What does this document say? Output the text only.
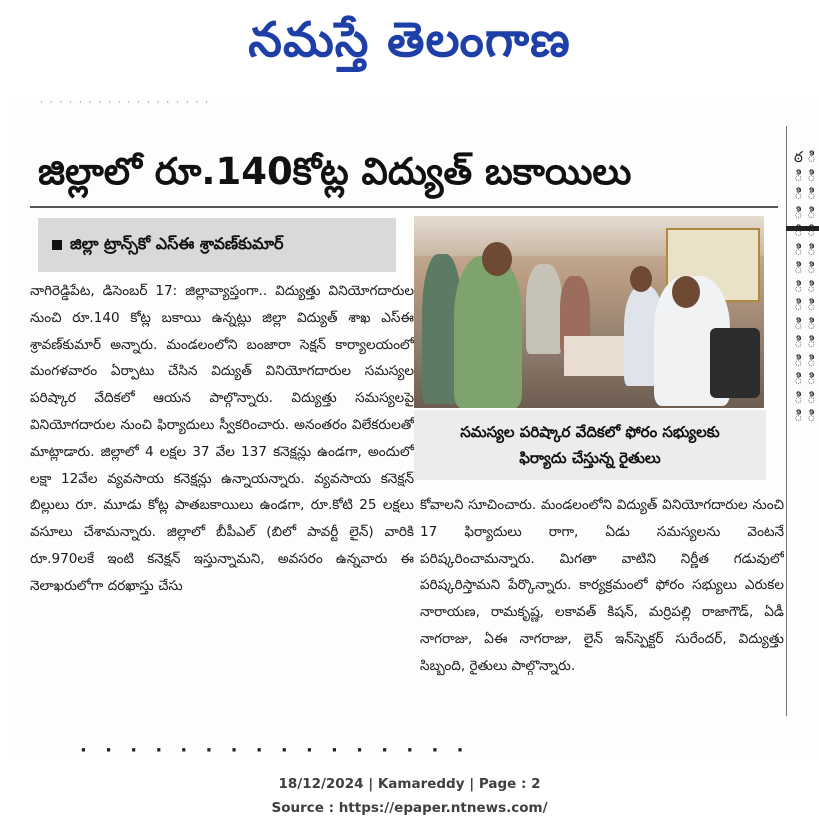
నమస్తే తెలంగాణ
· · · · · · · · · · · · · · · · · ·
జిల్లాలో రూ.140కోట్ల విద్యుత్ బకాయిలు	ఠ ి ి ి ి ి ి ి ి ి ి ి ి ి ి ి ి ి ి ి ి ి ి ి ి ి ి ి ి ి
జిల్లా ట్రాన్స్‌కో ఎస్ఈ శ్రావణ్‌కుమార్
నాగిరెడ్డిపేట, డిసెంబర్ 17: జిల్లావ్యాప్తంగా.. విద్యుత్తు వినియోగదారుల నుంచి రూ.140 కోట్ల బకాయి ఉన్నట్లు జిల్లా విద్యుత్ శాఖ ఎస్ఈ శ్రావణ్‌కుమార్ అన్నారు. మండలంలోని బంజారా సెక్షన్ కార్యాలయంలో మంగళవారం ఏర్పాటు చేసిన విద్యుత్ వినియోగదారుల సమస్యల పరిష్కార వేదికలో ఆయన పాల్గొన్నారు. విద్యుత్తు సమస్యలపై వినియోగదారుల నుంచి ఫిర్యాదులు స్వీకరించారు. అనంతరం విలేకరులతో మాట్లాడారు. జిల్లాలో 4 లక్షల 37 వేల 137 కనెక్షన్లు ఉండగా, అందులో లక్షా 12వేల వ్యవసాయ కనెక్షన్లు ఉన్నాయన్నారు. వ్యవసాయ కనెక్షన్ బిల్లులు రూ. మూడు కోట్ల పాతబకాయిలు ఉండగా, రూ.కోటి 25 లక్షలు వసూలు చేశామన్నారు. జిల్లాలో బీపీఎల్ (బిలో పావర్టీ లైన్) వారికి రూ.970లకే ఇంటి కనెక్షన్ ఇస్తున్నామని, అవసరం ఉన్నవారు ఈ నెలాఖరులోగా దరఖాస్తు చేసు
సమస్యల పరిష్కార వేదికలో ఫోరం సభ్యులకు
ఫిర్యాదు చేస్తున్న రైతులు
కోవాలని సూచించారు. మండలంలోని విద్యుత్ వినియోగదారుల నుంచి 17 ఫిర్యాదులు రాగా, ఏడు సమస్యలను వెంటనే పరిష్కరించామన్నారు. మిగతా వాటిని నిర్ణీత గడువులో పరిష్కరిస్తామని పేర్కొన్నారు. కార్యక్రమంలో ఫోరం సభ్యులు ఎరుకల నారాయణ, రామకృష్ణ, లకావత్ కిషన్, మర్రిపల్లి రాజాగౌడ్, ఏడీ నాగరాజు, ఏఈ నాగరాజు, లైన్ ఇన్‌స్పెక్టర్ సురేందర్, విద్యుత్తు సిబ్బంది, రైతులు పాల్గొన్నారు.
· · · · · · · · · · · · · · · ·
18/12/2024 | Kamareddy | Page : 2
Source : https://epaper.ntnews.com/
